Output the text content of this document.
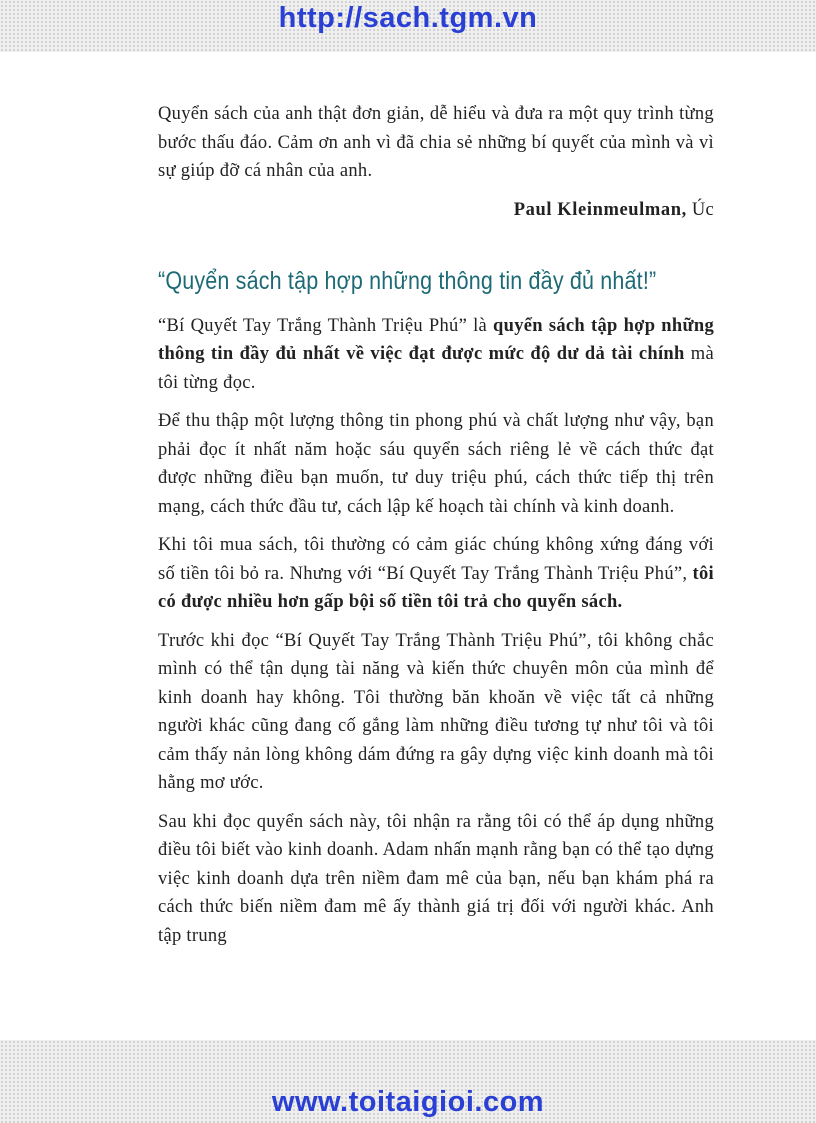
http://sach.tgm.vn

Quyển sách của anh thật đơn giản, dễ hiểu và đưa ra một quy trình từng bước thấu đáo. Cảm ơn anh vì đã chia sẻ những bí quyết của mình và vì sự giúp đỡ cá nhân của anh.

Paul Kleinmeulman, Úc
“Quyển sách tập hợp những thông tin đầy đủ nhất!”

“Bí Quyết Tay Trắng Thành Triệu Phú” là quyển sách tập hợp những thông tin đầy đủ nhất về việc đạt được mức độ dư dả tài chính mà tôi từng đọc.

Để thu thập một lượng thông tin phong phú và chất lượng như vậy, bạn phải đọc ít nhất năm hoặc sáu quyển sách riêng lẻ về cách thức đạt được những điều bạn muốn, tư duy triệu phú, cách thức tiếp thị trên mạng, cách thức đầu tư, cách lập kế hoạch tài chính và kinh doanh.

Khi tôi mua sách, tôi thường có cảm giác chúng không xứng đáng với số tiền tôi bỏ ra. Nhưng với “Bí Quyết Tay Trắng Thành Triệu Phú”, tôi có được nhiều hơn gấp bội số tiền tôi trả cho quyển sách.

Trước khi đọc “Bí Quyết Tay Trắng Thành Triệu Phú”, tôi không chắc mình có thể tận dụng tài năng và kiến thức chuyên môn của mình để kinh doanh hay không. Tôi thường băn khoăn về việc tất cả những người khác cũng đang cố gắng làm những điều tương tự như tôi và tôi cảm thấy nản lòng không dám đứng ra gây dựng việc kinh doanh mà tôi hằng mơ ước.

Sau khi đọc quyển sách này, tôi nhận ra rằng tôi có thể áp dụng những điều tôi biết vào kinh doanh. Adam nhấn mạnh rằng bạn có thể tạo dựng việc kinh doanh dựa trên niềm đam mê của bạn, nếu bạn khám phá ra cách thức biến niềm đam mê ấy thành giá trị đối với người khác. Anh tập trung

www.toitaigioi.com
